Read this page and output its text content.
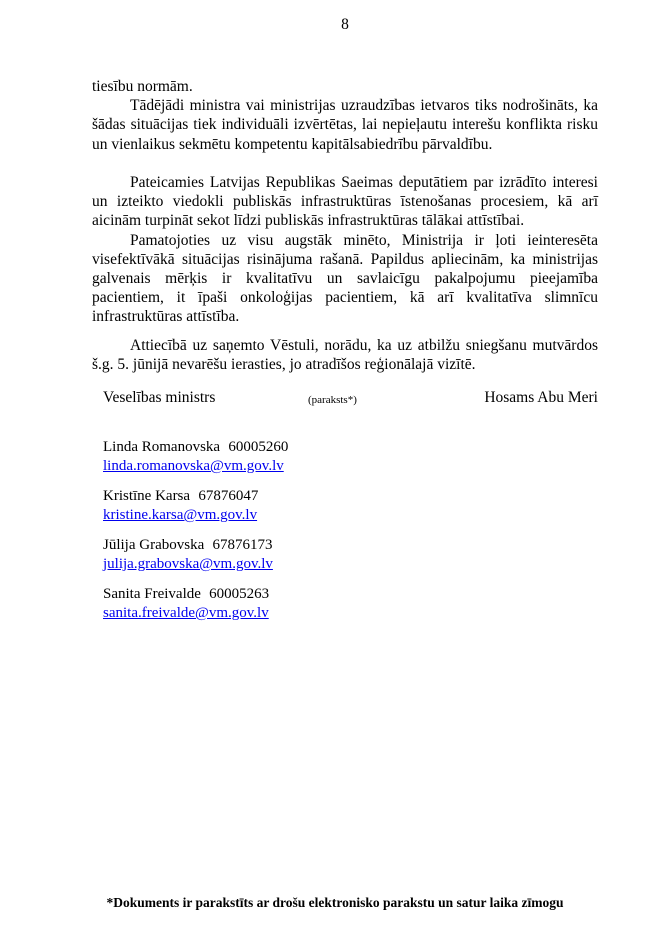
8

tiesību normām.

Tādējādi ministra vai ministrijas uzraudzības ietvaros tiks nodrošināts, ka šādas situācijas tiek individuāli izvērtētas, lai nepieļautu interešu konflikta risku un vienlaikus sekmētu kompetentu kapitālsabiedrību pārvaldību.

Pateicamies Latvijas Republikas Saeimas deputātiem par izrādīto interesi un izteikto viedokli publiskās infrastruktūras īstenošanas procesiem, kā arī aicinām turpināt sekot līdzi publiskās infrastruktūras tālākai attīstībai.

Pamatojoties uz visu augstāk minēto, Ministrija ir ļoti ieinteresēta visefektīvākā situācijas risinājuma rašanā. Papildus apliecinām, ka ministrijas galvenais mērķis ir kvalitatīvu un savlaicīgu pakalpojumu pieejamība pacientiem, it īpaši onkoloģijas pacientiem, kā arī kvalitatīva slimnīcu infrastruktūras attīstība.

Attiecībā uz saņemto Vēstuli, norādu, ka uz atbilžu sniegšanu mutvārdos š.g. 5. jūnijā nevarēšu ierasties, jo atradīšos reģionālajā vizītē.

Veselības ministrs	(paraksts*)	Hosams Abu Meri
Linda Romanovska 60005260
linda.romanovska@vm.gov.lv
Kristīne Karsa 67876047
kristine.karsa@vm.gov.lv
Jūlija Grabovska 67876173
julija.grabovska@vm.gov.lv
Sanita Freivalde 60005263
sanita.freivalde@vm.gov.lv
*Dokuments ir parakstīts ar drošu elektronisko parakstu un satur laika zīmogu
